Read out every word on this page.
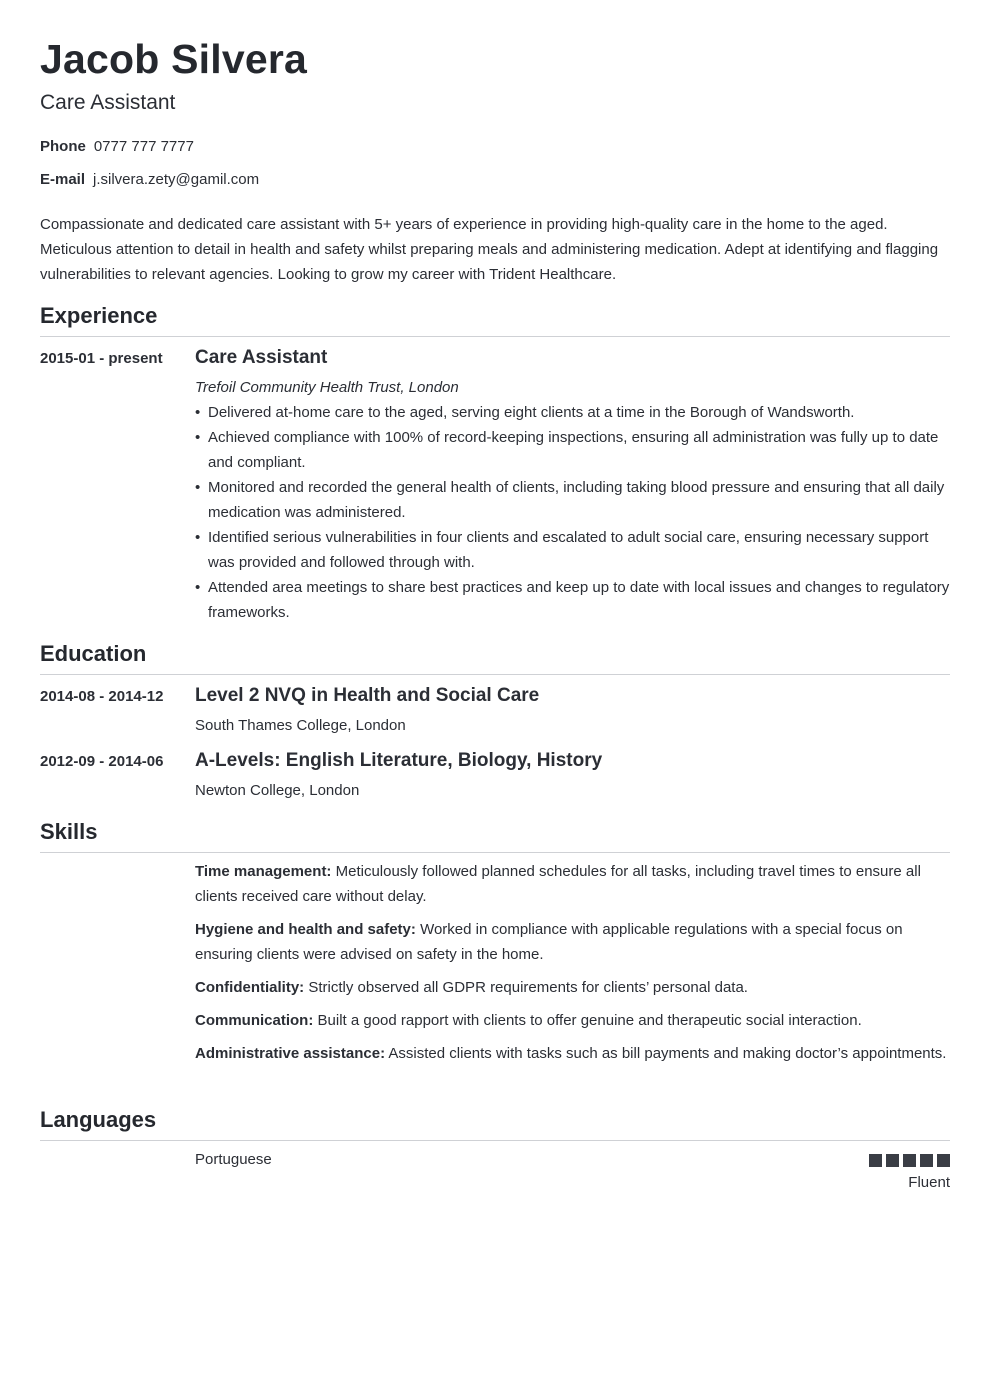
Jacob Silvera
Care Assistant
Phone 0777 777 7777
E-mail j.silvera.zety@gamil.com

Compassionate and dedicated care assistant with 5+ years of experience in providing high-quality care in the home to the aged. Meticulous attention to detail in health and safety whilst preparing meals and administering medication. Adept at identifying and flagging vulnerabilities to relevant agencies. Looking to grow my career with Trident Healthcare.

Experience
2015-01 - present Care Assistant
Trefoil Community Health Trust, London
• Delivered at-home care to the aged, serving eight clients at a time in the Borough of Wandsworth.
• Achieved compliance with 100% of record-keeping inspections, ensuring all administration was fully up to date and compliant.
• Monitored and recorded the general health of clients, including taking blood pressure and ensuring that all daily medication was administered.
• Identified serious vulnerabilities in four clients and escalated to adult social care, ensuring necessary support was provided and followed through with.
• Attended area meetings to share best practices and keep up to date with local issues and changes to regulatory frameworks.
Education
2014-08 - 2014-12 Level 2 NVQ in Health and Social Care
South Thames College, London
2012-09 - 2014-06 A-Levels: English Literature, Biology, History
Newton College, London
Skills

Time management: Meticulously followed planned schedules for all tasks, including travel times to ensure all clients received care without delay.

Hygiene and health and safety: Worked in compliance with applicable regulations with a special focus on ensuring clients were advised on safety in the home.

Confidentiality: Strictly observed all GDPR requirements for clients’ personal data.

Communication: Built a good rapport with clients to offer genuine and therapeutic social interaction.

Administrative assistance: Assisted clients with tasks such as bill payments and making doctor’s appointments.

Languages
Portuguese
Fluent
